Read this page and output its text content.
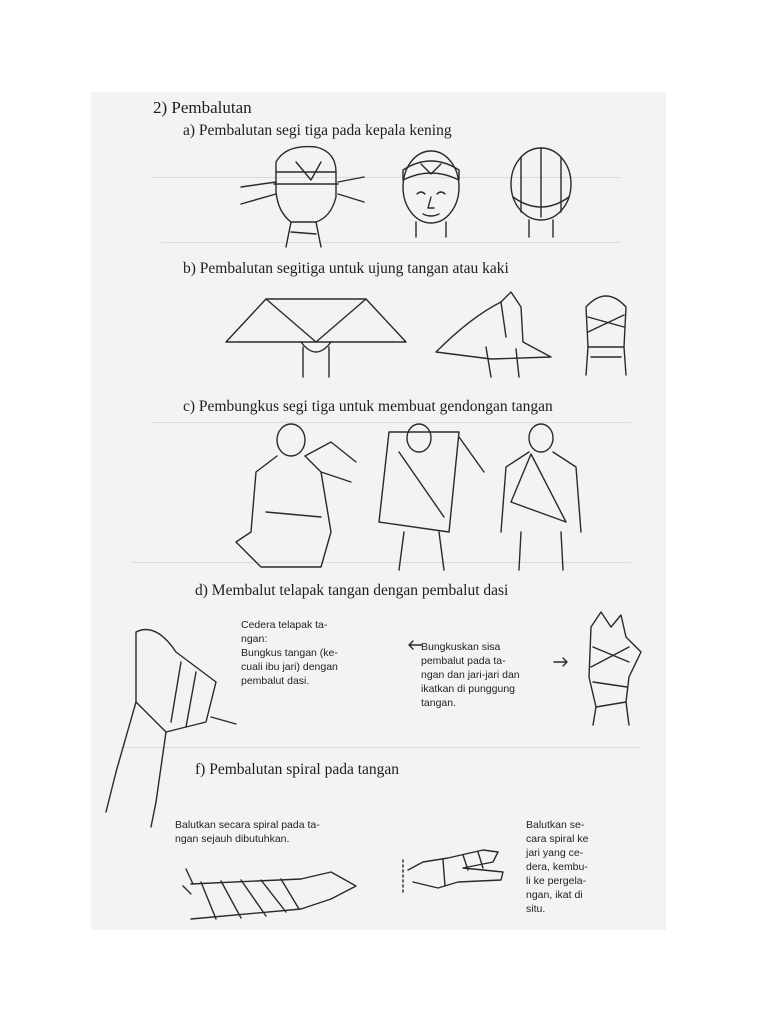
2) Pembalutan
a) Pembalutan segi tiga pada kepala kening
b) Pembalutan segitiga untuk ujung tangan atau kaki
c) Pembungkus segi tiga untuk membuat gendongan tangan
d) Membalut telapak tangan dengan pembalut dasi
f) Pembalutan spiral pada tangan
Cedera telapak ta-
ngan:
Bungkus tangan (ke-
cuali ibu jari) dengan
pembalut dasi.
Bungkuskan sisa
pembalut pada ta-
ngan dan jari-jari dan
ikatkan di punggung
tangan.
Balutkan secara spiral pada ta-
ngan sejauh dibutuhkan.
Balutkan se-
cara spiral ke
jari yang ce-
dera, kembu-
li ke pergela-
ngan, ikat di
situ.
